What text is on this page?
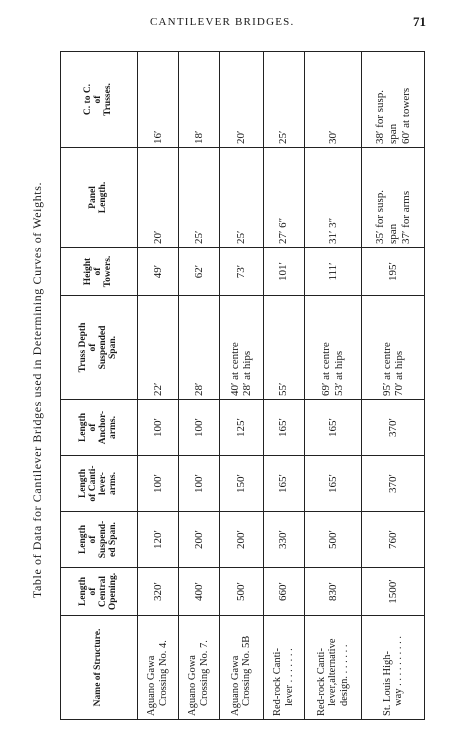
CANTILEVER BRIDGES.	71
Table of Data for Cantilever Bridges used in Determining Curves of Weights.
Name of Structure.	Length
of
Central
Opening.	Length
of
Suspend-
ed Span.	Length
of Canti-
lever-
arms.	Length
of
Anchor-
arms.	Truss Depth
of
Suspended
Span.	Height
of
Towers.	Panel
Length.	C. to C.
of
Trusses.

Aguano Gawa Crossing No. 4.	320′	120′	100′	100′	22′	49′	20′	16′

Aguano Gowa Crossing No. 7.	400′	200′	100′	100′	28′	62′	25′	18′

Aguano Gawa Crossing No. 5B	500′	200′	150′	125′	40′ at centre
28′ at hips	73′	25′	20′

Red-rock Canti- lever . . . . . . .	660′	330′	165′	165′	55′	101′	27′ 6″	25′

Red-rock Canti- lever,alternative design. . . . . . .	830′	500′	165′	165′	69′ at centre
53′ at hips	111′	31′ 3″	30′

St. Louis High- way . . . . . . . . . .	1500′	760′	370′	370′	95′ at centre
70′ at hips	195′	35′ for susp.
span
37′ for arms	38′ for susp.
span
60′ at towers
